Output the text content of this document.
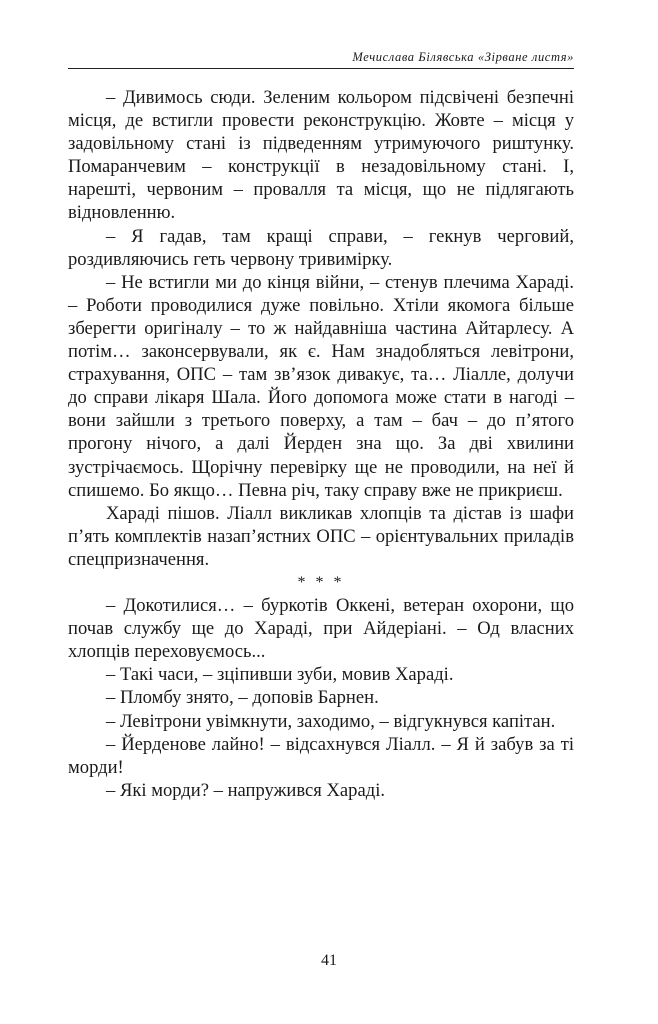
Мечислава Білявська «Зірване листя»

– Дивимось сюди. Зеленим кольором підсвічені безпечні місця, де встигли провести реконструкцію. Жовте – місця у задовільному стані із підведенням утримуючого риштунку. Помаранчевим – конструкції в незадовільному стані. І, нарешті, червоним – провалля та місця, що не підлягають відновленню.

– Я гадав, там кращі справи, – гекнув черговий, роздивляючись геть червону тривимірку.

– Не встигли ми до кінця війни, – стенув плечима Хараді. – Роботи проводилися дуже повільно. Хтіли якомога більше зберегти оригіналу – то ж найдавніша частина Айтарлесу. А потім… законсервували, як є. Нам знадобляться левітрони, страхування, ОПС – там зв’язок дивакує, та… Ліалле, долучи до справи лікаря Шала. Його допомога може стати в нагоді – вони зайшли з третього поверху, а там – бач – до п’ятого прогону нічого, а далі Йерден зна що. За дві хвилини зустрічаємось. Щорічну перевірку ще не проводили, на неї й спишемо. Бо якщо… Певна річ, таку справу вже не прикриєш.

Хараді пішов. Ліалл викликав хлопців та дістав із шафи п’ять комплектів назап’ястних ОПС – орієнтувальних приладів спецпризначення.

* * *

– Докотилися… – буркотів Оккені, ветеран охорони, що почав службу ще до Хараді, при Айдеріані. – Од власних хлопців переховуємось...

– Такі часи, – зціпивши зуби, мовив Хараді.

– Пломбу знято, – доповів Барнен.

– Левітрони увімкнути, заходимо, – відгукнувся капітан.

– Йерденове лайно! – відсахнувся Ліалл. – Я й забув за ті морди!

– Які морди? – напружився Хараді.

41
